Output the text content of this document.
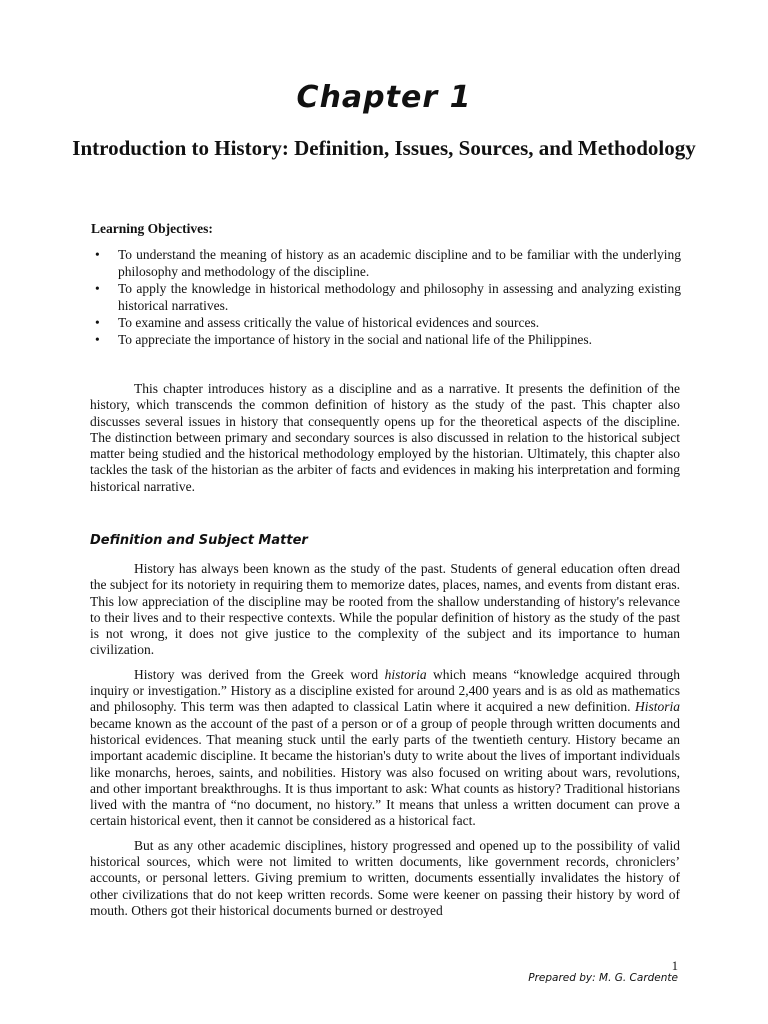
Chapter 1
Introduction to History: Definition, Issues, Sources, and Methodology
Learning Objectives:
• To understand the meaning of history as an academic discipline and to be familiar with the underlying philosophy and methodology of the discipline.
• To apply the knowledge in historical methodology and philosophy in assessing and analyzing existing historical narratives.
• To examine and assess critically the value of historical evidences and sources.
• To appreciate the importance of history in the social and national life of the Philippines.

This chapter introduces history as a discipline and as a narrative. It presents the definition of the history, which transcends the common definition of history as the study of the past. This chapter also discusses several issues in history that consequently opens up for the theoretical aspects of the discipline. The distinction between primary and secondary sources is also discussed in relation to the historical subject matter being studied and the historical methodology employed by the historian. Ultimately, this chapter also tackles the task of the historian as the arbiter of facts and evidences in making his interpretation and forming historical narrative.

Definition and Subject Matter

History has always been known as the study of the past. Students of general education often dread the subject for its notoriety in requiring them to memorize dates, places, names, and events from distant eras. This low appreciation of the discipline may be rooted from the shallow understanding of history's relevance to their lives and to their respective contexts. While the popular definition of history as the study of the past is not wrong, it does not give justice to the complexity of the subject and its importance to human civilization.

History was derived from the Greek word historia which means “knowledge acquired through inquiry or investigation.” History as a discipline existed for around 2,400 years and is as old as mathematics and philosophy. This term was then adapted to classical Latin where it acquired a new definition. Historia became known as the account of the past of a person or of a group of people through written documents and historical evidences. That meaning stuck until the early parts of the twentieth century. History became an important academic discipline. It became the historian's duty to write about the lives of important individuals like monarchs, heroes, saints, and nobilities. History was also focused on writing about wars, revolutions, and other important breakthroughs. It is thus important to ask: What counts as history? Traditional historians lived with the mantra of “no document, no history.” It means that unless a written document can prove a certain historical event, then it cannot be considered as a historical fact.

But as any other academic disciplines, history progressed and opened up to the possibility of valid historical sources, which were not limited to written documents, like government records, chroniclers’ accounts, or personal letters. Giving premium to written, documents essentially invalidates the history of other civilizations that do not keep written records. Some were keener on passing their history by word of mouth. Others got their historical documents burned or destroyed

1
Prepared by: M. G. Cardente
